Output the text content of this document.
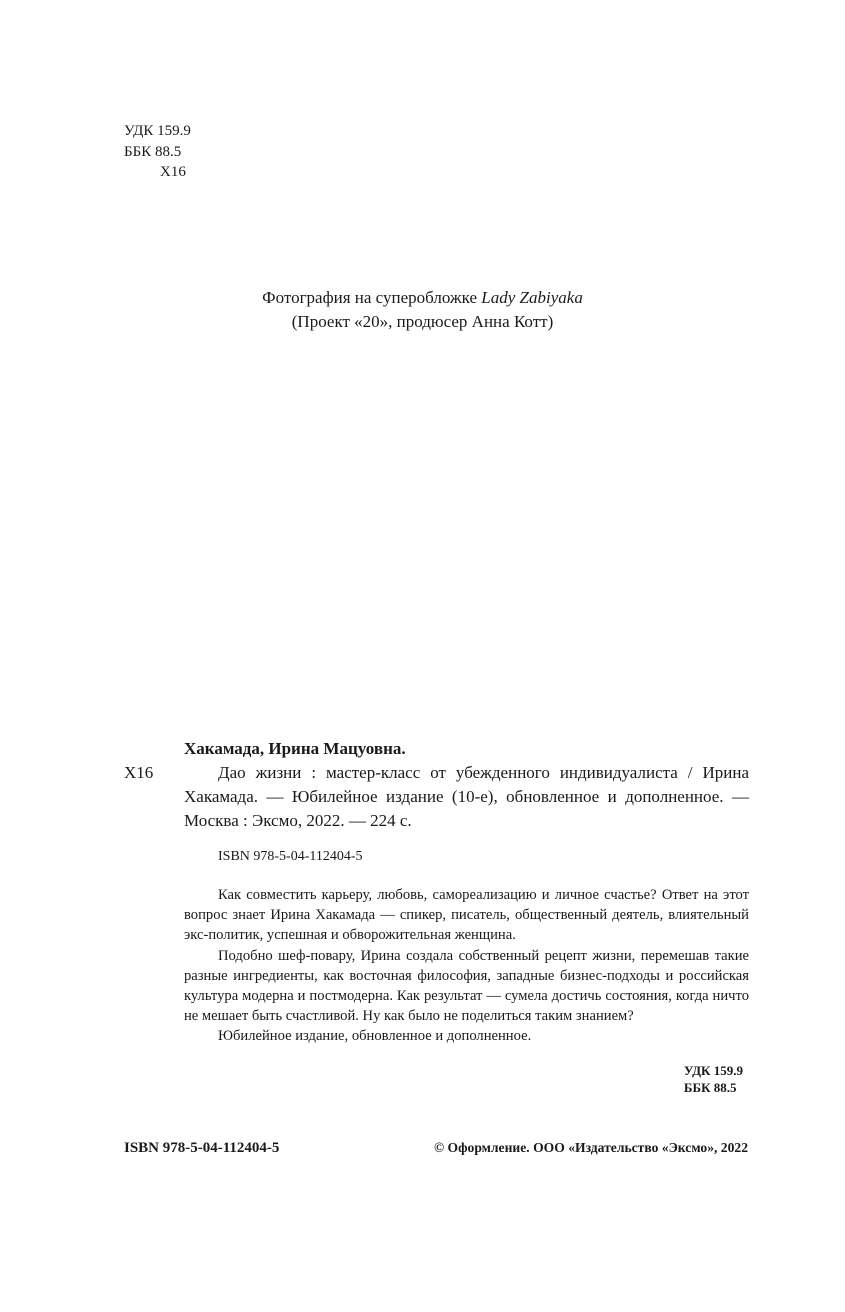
УДК 159.9
ББК 88.5
Х16
Фотография на суперобложке Lady Zabiyaka
(Проект «20», продюсер Анна Котт)
Хакамада, Ирина Мацуовна.
Х16	Дао жизни : мастер-класс от убежденного индивидуалиста / Ирина Хакамада. — Юбилейное издание (10-е), обновленное и дополненное. — Москва : Эксмо, 2022. — 224 с.
ISBN 978-5-04-112404-5

Как совместить карьеру, любовь, самореализацию и личное счастье? Ответ на этот вопрос знает Ирина Хакамада — спикер, писатель, общественный деятель, влиятельный экс-политик, успешная и обворожительная женщина.

Подобно шеф-повару, Ирина создала собственный рецепт жизни, перемешав такие разные ингредиенты, как восточная философия, западные бизнес-подходы и российская культура модерна и постмодерна. Как результат — сумела достичь состояния, когда ничто не мешает быть счастливой. Ну как было не поделиться таким знанием?

Юбилейное издание, обновленное и дополненное.

УДК 159.9
ББК 88.5
ISBN 978-5-04-112404-5	© Оформление. ООО «Издательство «Эксмо», 2022
